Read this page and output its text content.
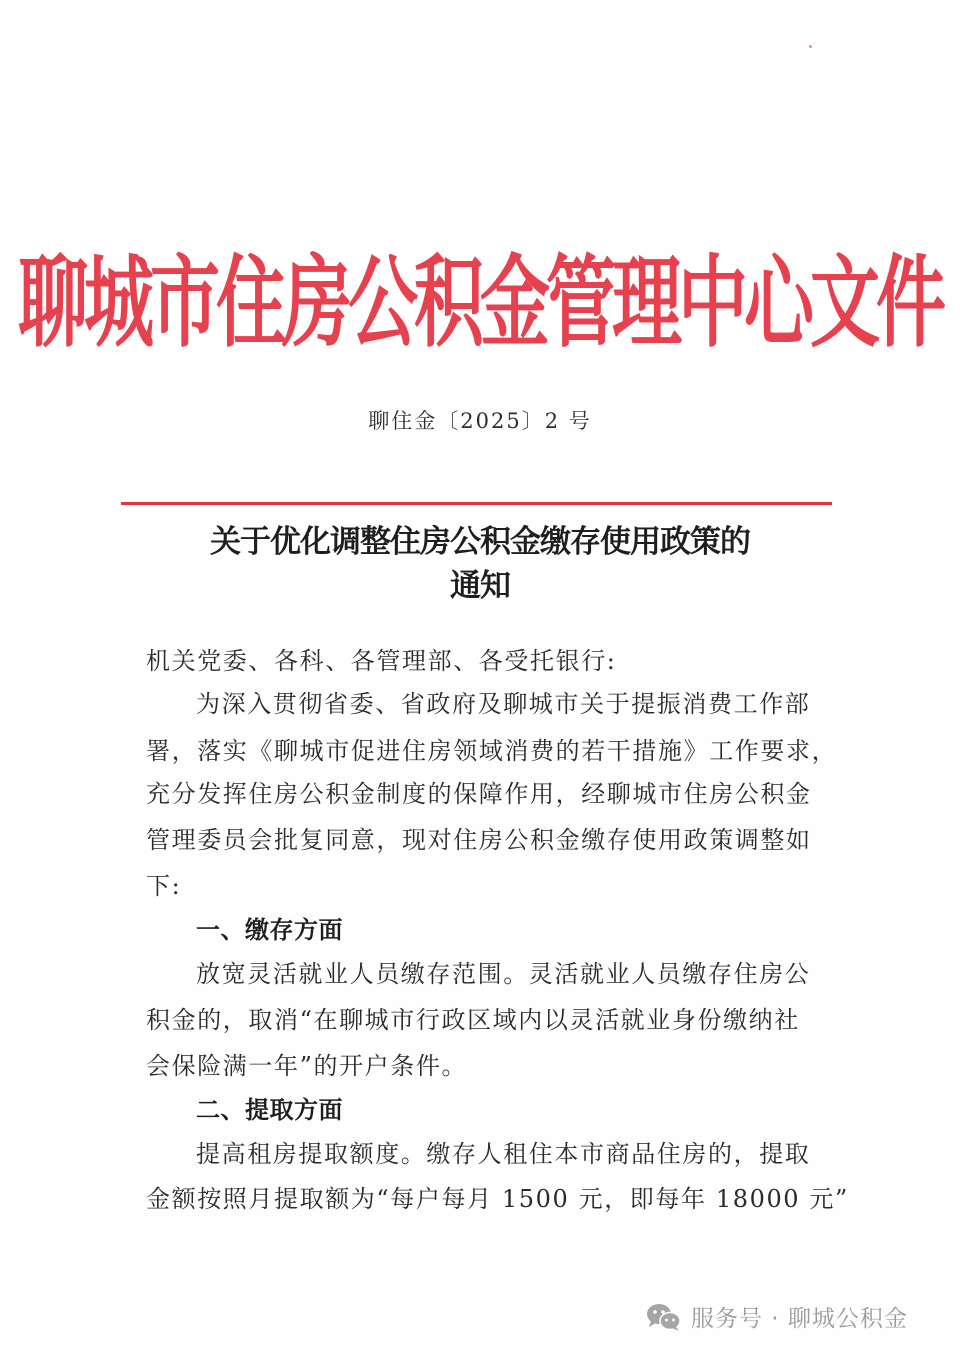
聊城市住房公积金管理中心文件
聊住金〔2025〕2 号
关于优化调整住房公积金缴存使用政策的
通知
机关党委、各科、各管理部、各受托银行:
为深入贯彻省委、省政府及聊城市关于提振消费工作部
署，落实《聊城市促进住房领域消费的若干措施》工作要求，
充分发挥住房公积金制度的保障作用，经聊城市住房公积金
管理委员会批复同意，现对住房公积金缴存使用政策调整如
下:
一、缴存方面
放宽灵活就业人员缴存范围。灵活就业人员缴存住房公
积金的，取消“在聊城市行政区域内以灵活就业身份缴纳社
会保险满一年”的开户条件。
二、提取方面
提高租房提取额度。缴存人租住本市商品住房的，提取
金额按照月提取额为“每户每月 1500 元，即每年 18000 元”
服务号 · 聊城公积金
